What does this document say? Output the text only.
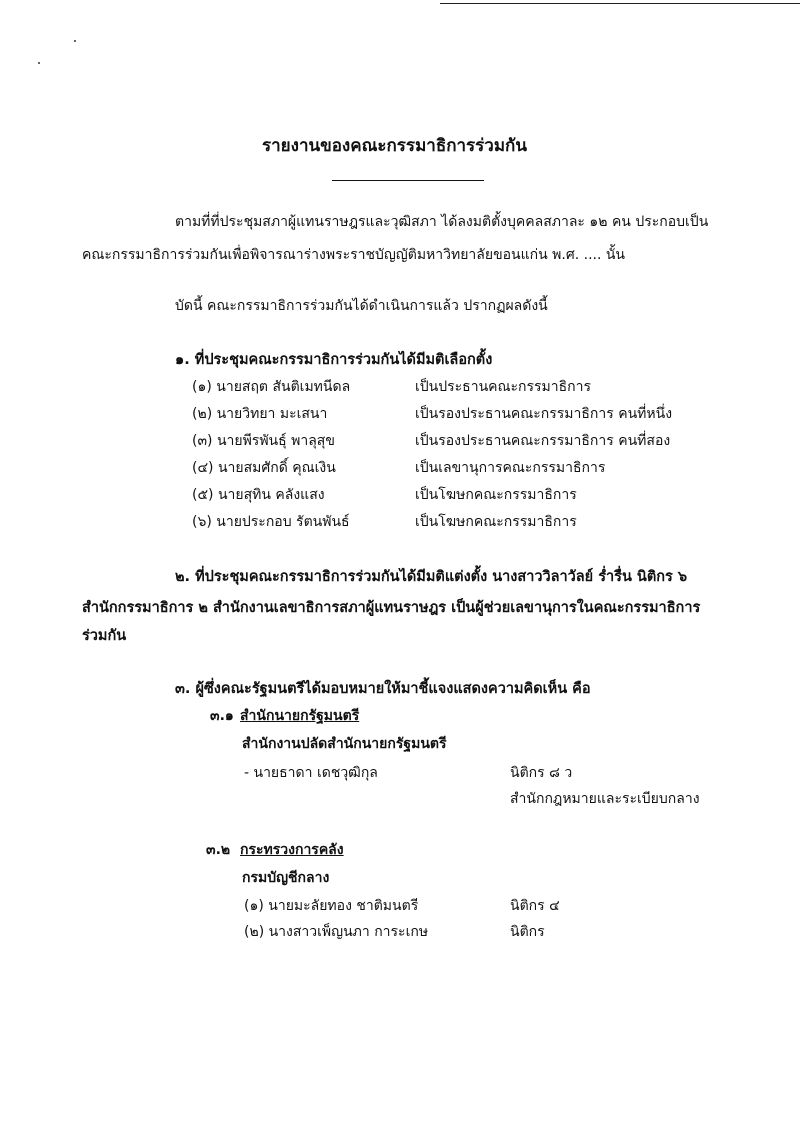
รายงานของคณะกรรมาธิการร่วมกัน
ตามที่ที่ประชุมสภาผู้แทนราษฎรและวุฒิสภา ได้ลงมติตั้งบุคคลสภาละ ๑๒ คน ประกอบเป็น
คณะกรรมาธิการร่วมกันเพื่อพิจารณาร่างพระราชบัญญัติมหาวิทยาลัยขอนแก่น พ.ศ. .... นั้น
บัดนี้ คณะกรรมาธิการร่วมกันได้ดำเนินการแล้ว ปรากฏผลดังนี้
๑. ที่ประชุมคณะกรรมาธิการร่วมกันได้มีมติเลือกตั้ง
(๑) นายสฤต สันติเมทนีดล	เป็นประธานคณะกรรมาธิการ
(๒) นายวิทยา มะเสนา	เป็นรองประธานคณะกรรมาธิการ คนที่หนึ่ง
(๓) นายพีรพันธุ์ พาลุสุข	เป็นรองประธานคณะกรรมาธิการ คนที่สอง
(๔) นายสมศักดิ์ คุณเงิน	เป็นเลขานุการคณะกรรมาธิการ
(๕) นายสุทิน คลังแสง	เป็นโฆษกคณะกรรมาธิการ
(๖) นายประกอบ รัตนพันธ์	เป็นโฆษกคณะกรรมาธิการ
๒. ที่ประชุมคณะกรรมาธิการร่วมกันได้มีมติแต่งตั้ง นางสาววิลาวัลย์ ร่ำรื่น นิติกร ๖
สำนักกรรมาธิการ ๒ สำนักงานเลขาธิการสภาผู้แทนราษฎร เป็นผู้ช่วยเลขานุการในคณะกรรมาธิการ
ร่วมกัน
๓. ผู้ซึ่งคณะรัฐมนตรีได้มอบหมายให้มาชี้แจงแสดงความคิดเห็น คือ
๓.๑ สำนักนายกรัฐมนตรี
สำนักงานปลัดสำนักนายกรัฐมนตรี
- นายธาดา เดชวุฒิกุล	นิติกร ๘ ว
สำนักกฎหมายและระเบียบกลาง
๓.๒ กระทรวงการคลัง
กรมบัญชีกลาง
(๑) นายมะลัยทอง ชาติมนตรี	นิติกร ๔
(๒) นางสาวเพ็ญนภา การะเกษ	นิติกร
